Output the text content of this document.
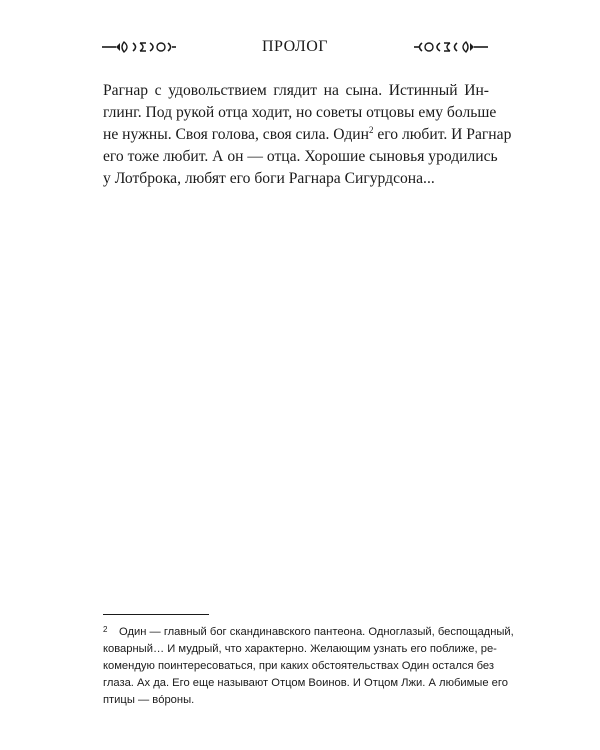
ПРОЛОГ
Рагнар с удовольствием глядит на сына. Истинный Ин-
глинг. Под рукой отца ходит, но советы отцовы ему больше
не нужны. Своя голова, своя сила. Один$^2$ его любит. И Рагнар
его тоже любит. А он — отца. Хорошие сыновья уродились
у Лотброка, любят его боги Рагнара Сигурдсона...
2	Один — главный бог скандинавского пантеона. Одноглазый, беспощадный,
коварный… И мудрый, что характерно. Желающим узнать его поближе, ре-
комендую поинтересоваться, при каких обстоятельствах Один остался без
глаза. Ах да. Его еще называют Отцом Воинов. И Отцом Лжи. А любимые его
птицы — вóроны.
